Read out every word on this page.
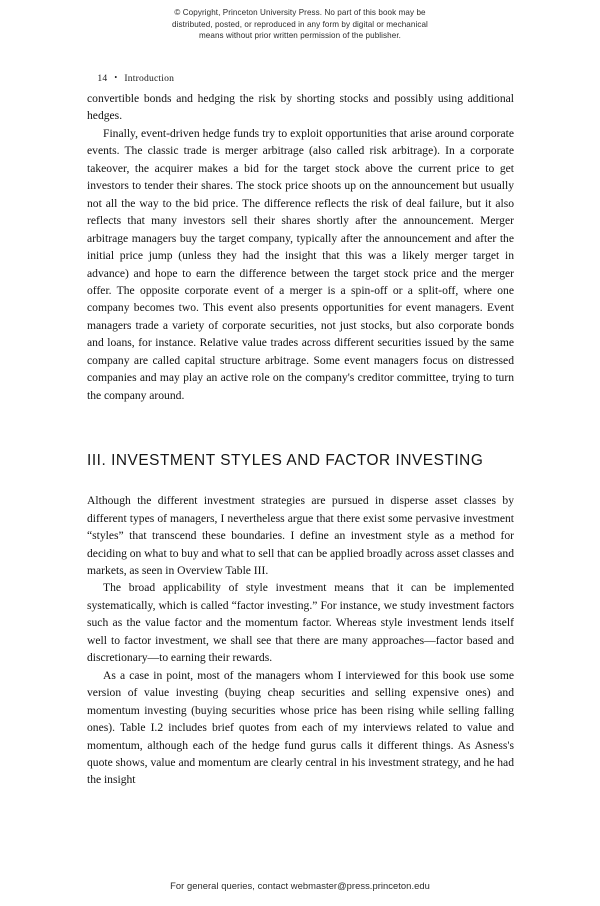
© Copyright, Princeton University Press. No part of this book may be
distributed, posted, or reproduced in any form by digital or mechanical
means without prior written permission of the publisher.

14 • Introduction

convertible bonds and hedging the risk by shorting stocks and possibly using additional hedges.

Finally, event-driven hedge funds try to exploit opportunities that arise around corporate events. The classic trade is merger arbitrage (also called risk arbitrage). In a corporate takeover, the acquirer makes a bid for the target stock above the current price to get investors to tender their shares. The stock price shoots up on the announcement but usually not all the way to the bid price. The difference reflects the risk of deal failure, but it also reflects that many investors sell their shares shortly after the announcement. Merger arbitrage managers buy the target company, typically after the announcement and after the initial price jump (unless they had the insight that this was a likely merger target in advance) and hope to earn the difference between the target stock price and the merger offer. The opposite corporate event of a merger is a spin-off or a split-off, where one company becomes two. This event also presents opportunities for event managers. Event managers trade a variety of corporate securities, not just stocks, but also corporate bonds and loans, for instance. Relative value trades across different securities issued by the same company are called capital structure arbitrage. Some event managers focus on distressed companies and may play an active role on the company's creditor committee, trying to turn the company around.

III. INVESTMENT STYLES AND FACTOR INVESTING

Although the different investment strategies are pursued in disperse asset classes by different types of managers, I nevertheless argue that there exist some pervasive investment “styles” that transcend these boundaries. I define an investment style as a method for deciding on what to buy and what to sell that can be applied broadly across asset classes and markets, as seen in Overview Table III.

The broad applicability of style investment means that it can be implemented systematically, which is called “factor investing.” For instance, we study investment factors such as the value factor and the momentum factor. Whereas style investment lends itself well to factor investment, we shall see that there are many approaches—factor based and discretionary—to earning their rewards.

As a case in point, most of the managers whom I interviewed for this book use some version of value investing (buying cheap securities and selling expensive ones) and momentum investing (buying securities whose price has been rising while selling falling ones). Table I.2 includes brief quotes from each of my interviews related to value and momentum, although each of the hedge fund gurus calls it different things. As Asness's quote shows, value and momentum are clearly central in his investment strategy, and he had the insight

For general queries, contact webmaster@press.princeton.edu
